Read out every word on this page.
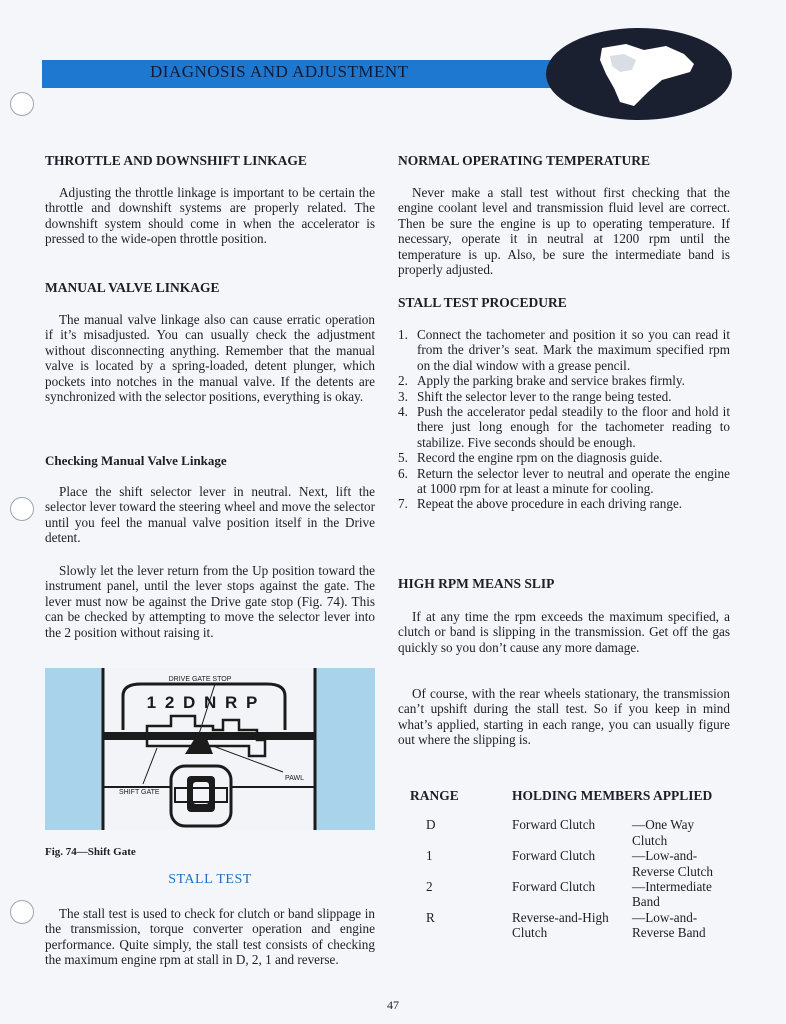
DIAGNOSIS AND ADJUSTMENT
THROTTLE AND DOWNSHIFT LINKAGE
Adjusting the throttle linkage is important to be certain the throttle and downshift systems are properly related. The downshift system should come in when the accelerator is pressed to the wide-open throttle position.
MANUAL VALVE LINKAGE
The manual valve linkage also can cause erratic operation if it’s misadjusted. You can usually check the adjustment without disconnecting anything. Remember that the manual valve is located by a spring-loaded, detent plunger, which pockets into notches in the manual valve. If the detents are synchronized with the selector positions, everything is okay.
Checking Manual Valve Linkage
Place the shift selector lever in neutral. Next, lift the selector lever toward the steering wheel and move the selector until you feel the manual valve position itself in the Drive detent.
Slowly let the lever return from the Up position toward the instrument panel, until the lever stops against the gate. The lever must now be against the Drive gate stop (Fig. 74). This can be checked by attempting to move the selector lever into the 2 position without raising it.
1 2 D N R P
DRIVE GATE STOP
PAWL
SHIFT GATE
Fig. 74—Shift Gate
STALL TEST
The stall test is used to check for clutch or band slippage in the transmission, torque converter operation and engine performance. Quite simply, the stall test consists of checking the maximum engine rpm at stall in D, 2, 1 and reverse.
NORMAL OPERATING TEMPERATURE
Never make a stall test without first checking that the engine coolant level and transmission fluid level are correct. Then be sure the engine is up to operating temperature. If necessary, operate it in neutral at 1200 rpm until the temperature is up. Also, be sure the intermediate band is properly adjusted.
STALL TEST PROCEDURE
1. Connect the tachometer and position it so you can read it from the driver’s seat. Mark the maximum specified rpm on the dial window with a grease pencil.
2. Apply the parking brake and service brakes firmly.
3. Shift the selector lever to the range being tested.
4. Push the accelerator pedal steadily to the floor and hold it there just long enough for the tachometer reading to stabilize. Five seconds should be enough.
5. Record the engine rpm on the diagnosis guide.
6. Return the selector lever to neutral and operate the engine at 1000 rpm for at least a minute for cooling.
7. Repeat the above procedure in each driving range.
HIGH RPM MEANS SLIP
If at any time the rpm exceeds the maximum specified, a clutch or band is slipping in the transmission. Get off the gas quickly so you don’t cause any more damage.
Of course, with the rear wheels stationary, the transmission can’t upshift during the stall test. So if you keep in mind what’s applied, starting in each range, you can usually figure out where the slipping is.
RANGE	HOLDING MEMBERS APPLIED	

D	Forward Clutch	—One Way Clutch
1	Forward Clutch	—Low-and-Reverse Clutch
2	Forward Clutch	—Intermediate Band
R	Reverse-and-High Clutch	—Low-and-Reverse Band
47
